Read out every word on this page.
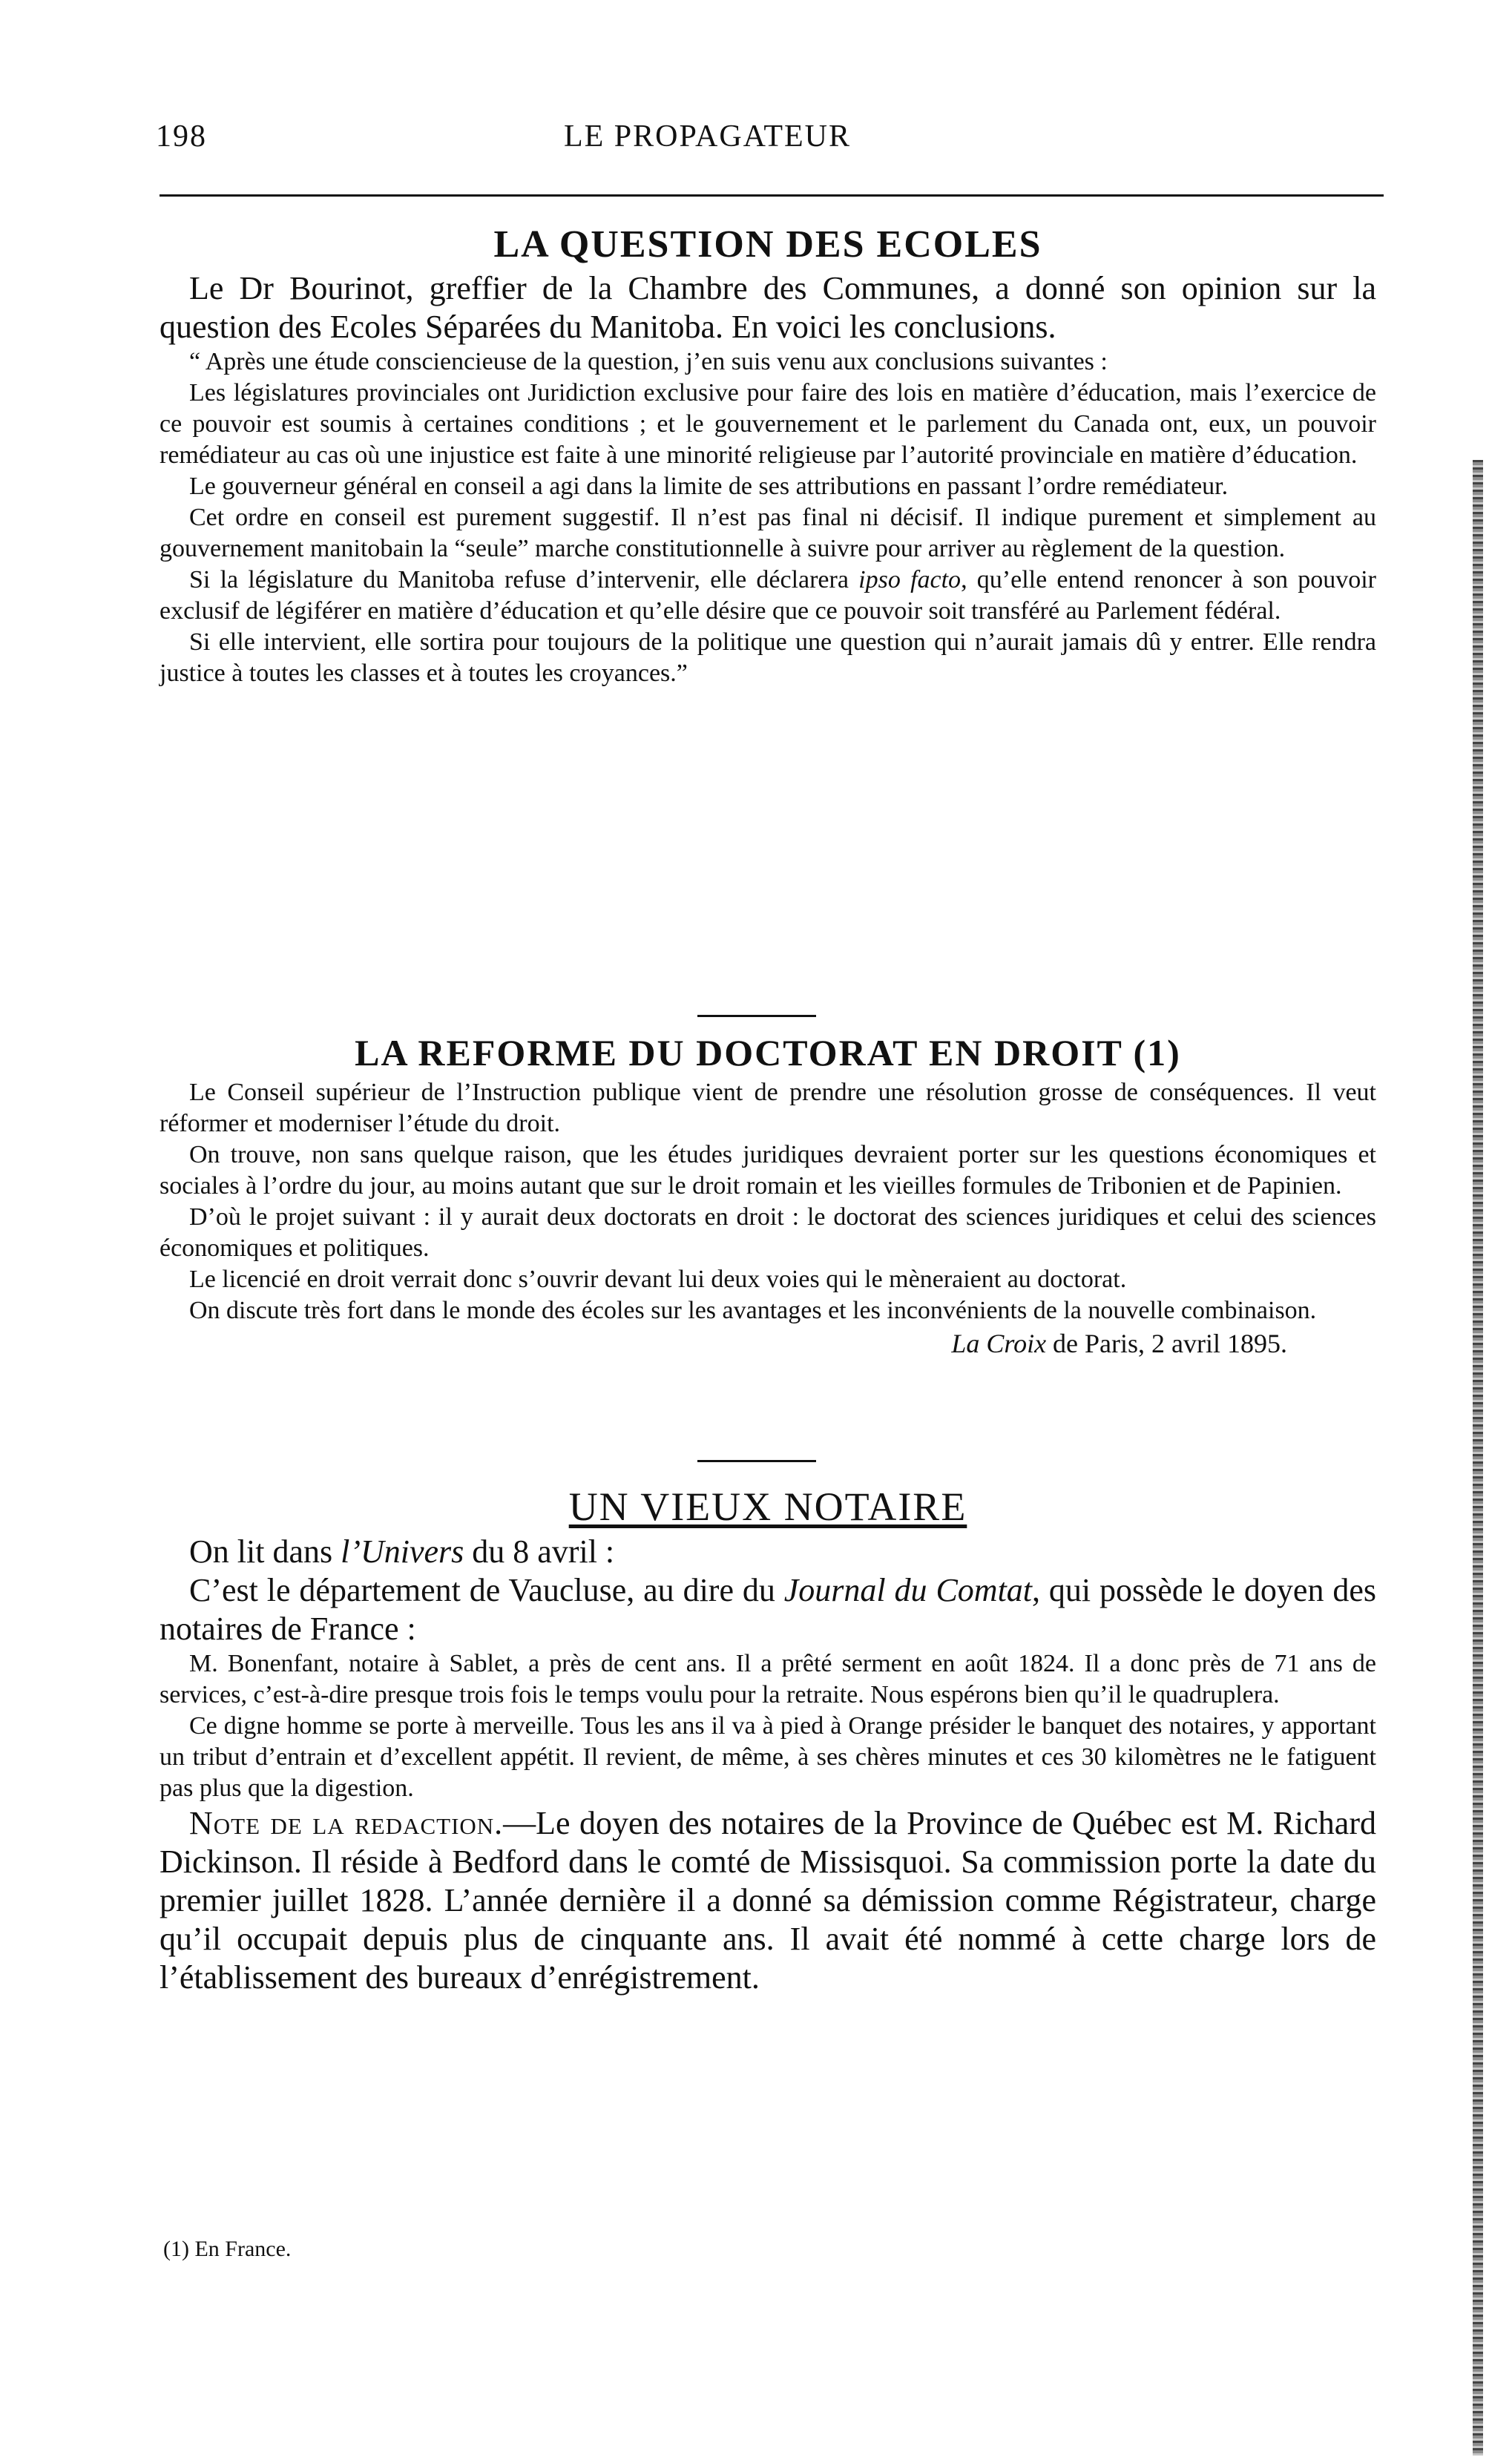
198	LE PROPAGATEUR
LA QUESTION DES ECOLES

Le Dr Bourinot, greffier de la Chambre des Communes, a donné son opinion sur la question des Ecoles Séparées du Manitoba. En voici les conclusions.

“ Après une étude consciencieuse de la question, j’en suis venu aux conclusions suivantes :

Les législatures provinciales ont Juridiction exclusive pour faire des lois en matière d’éducation, mais l’exercice de ce pouvoir est soumis à certaines conditions ; et le gouvernement et le parlement du Canada ont, eux, un pouvoir remédiateur au cas où une injustice est faite à une minorité religieuse par l’autorité provinciale en matière d’éducation.

Le gouverneur général en conseil a agi dans la limite de ses attributions en passant l’ordre remédiateur.

Cet ordre en conseil est purement suggestif. Il n’est pas final ni décisif. Il indique purement et simplement au gouvernement manitobain la “seule” marche constitutionnelle à suivre pour arriver au règlement de la question.

Si la législature du Manitoba refuse d’intervenir, elle déclarera ipso facto, qu’elle entend renoncer à son pouvoir exclusif de légiférer en matière d’éducation et qu’elle désire que ce pouvoir soit transféré au Parlement fédéral.

Si elle intervient, elle sortira pour toujours de la politique une question qui n’aurait jamais dû y entrer. Elle rendra justice à toutes les classes et à toutes les croyances.”

LA REFORME DU DOCTORAT EN DROIT (1)

Le Conseil supérieur de l’Instruction publique vient de prendre une résolution grosse de conséquences. Il veut réformer et moderniser l’étude du droit.

On trouve, non sans quelque raison, que les études juridiques devraient porter sur les questions économiques et sociales à l’ordre du jour, au moins autant que sur le droit romain et les vieilles formules de Tribonien et de Papinien.

D’où le projet suivant : il y aurait deux doctorats en droit : le doctorat des sciences juridiques et celui des sciences économiques et politiques.

Le licencié en droit verrait donc s’ouvrir devant lui deux voies qui le mèneraient au doctorat.

On discute très fort dans le monde des écoles sur les avantages et les inconvénients de la nouvelle combinaison.

La Croix de Paris, 2 avril 1895.
UN VIEUX NOTAIRE

On lit dans l’Univers du 8 avril :

C’est le département de Vaucluse, au dire du Journal du Comtat, qui possède le doyen des notaires de France :

M. Bonenfant, notaire à Sablet, a près de cent ans. Il a prêté serment en août 1824. Il a donc près de 71 ans de services, c’est-à-dire presque trois fois le temps voulu pour la retraite. Nous espérons bien qu’il le quadruplera.

Ce digne homme se porte à merveille. Tous les ans il va à pied à Orange présider le banquet des notaires, y apportant un tribut d’entrain et d’excellent appétit. Il revient, de même, à ses chères minutes et ces 30 kilomètres ne le fatiguent pas plus que la digestion.

Note de la redaction.—Le doyen des notaires de la Province de Québec est M. Richard Dickinson. Il réside à Bedford dans le comté de Missisquoi. Sa commission porte la date du premier juillet 1828. L’année dernière il a donné sa démission comme Régistrateur, charge qu’il occupait depuis plus de cinquante ans. Il avait été nommé à cette charge lors de l’établissement des bureaux d’enrégistrement.

(1) En France.
